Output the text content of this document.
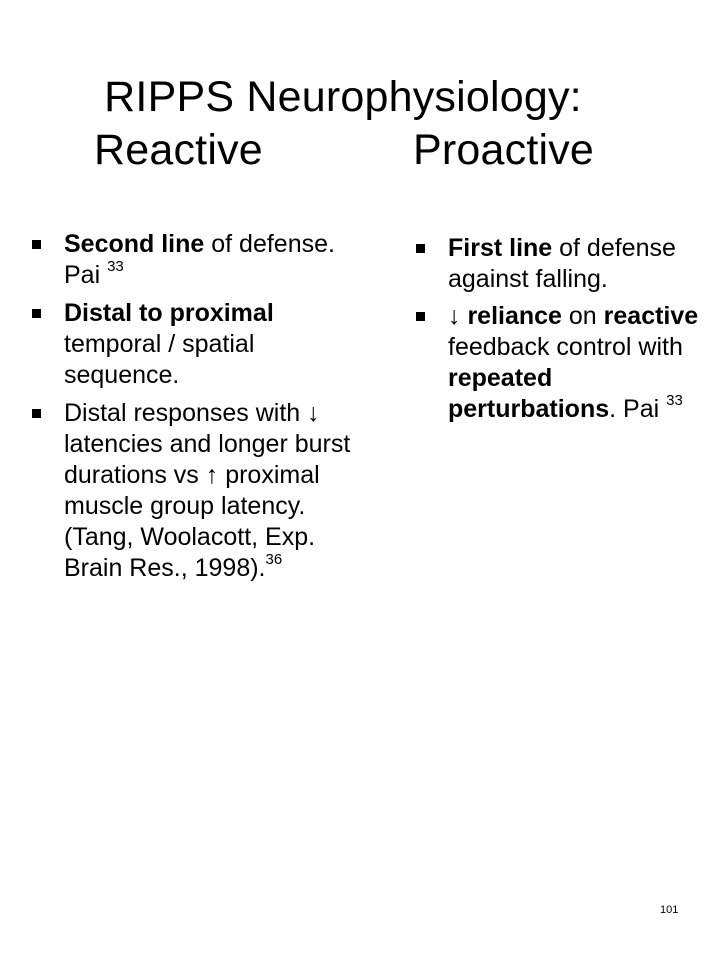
RIPPS Neurophysiology:
Reactive	Proactive
Second line of defense. Pai $^{33}$
Distal to proximal temporal / spatial sequence.
Distal responses with ↓ latencies and longer burst durations vs ↑ proximal muscle group latency. (Tang, Woolacott, Exp. Brain Res., 1998).$^{36}$
First line of defense against falling.
↓ reliance on reactive feedback control with repeated perturbations. Pai $^{33}$
101
